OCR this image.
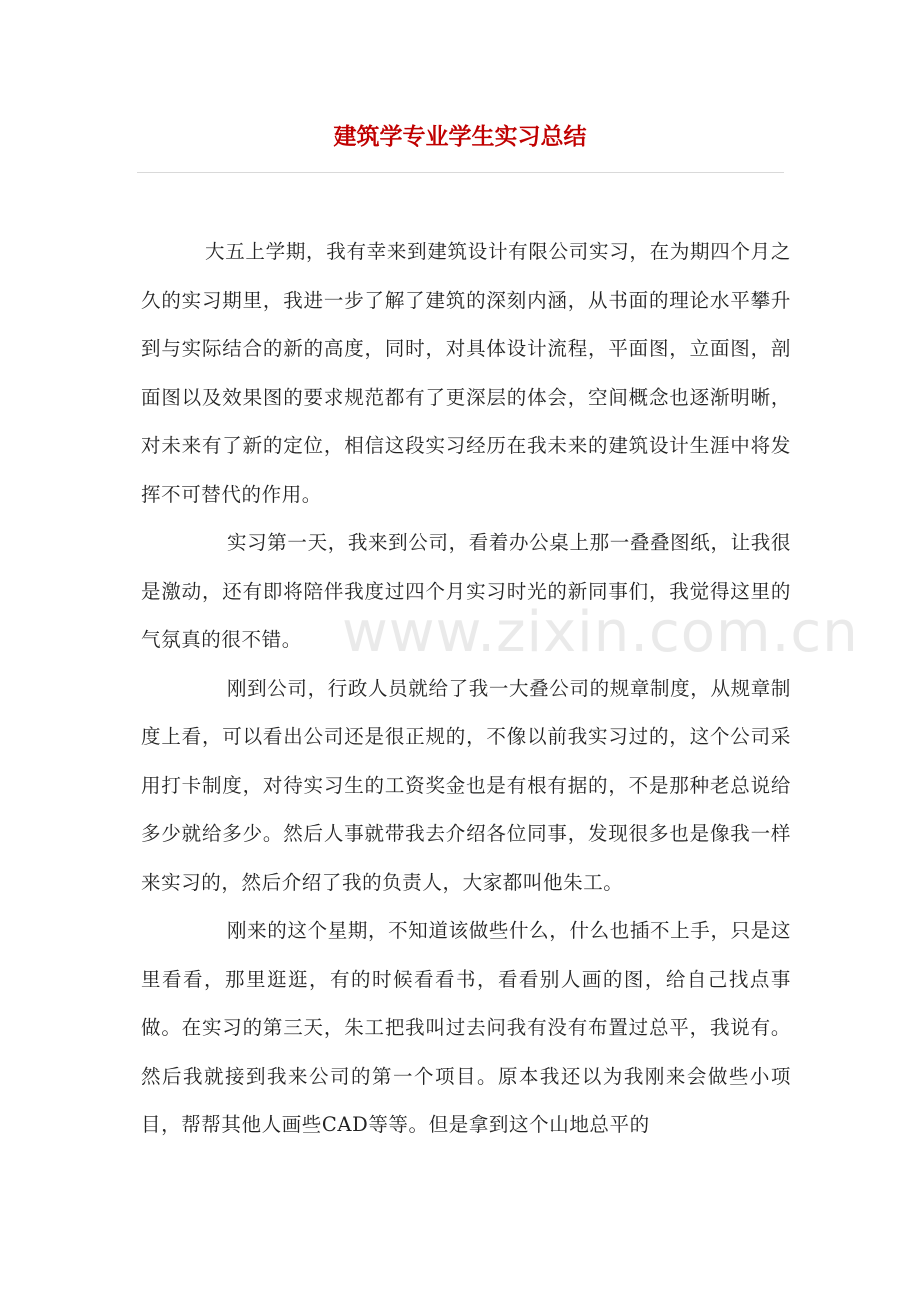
建筑学专业学生实习总结

大五上学期，我有幸来到建筑设计有限公司实习，在为期四个月之久的实习期里，我进一步了解了建筑的深刻内涵，从书面的理论水平攀升到与实际结合的新的高度，同时，对具体设计流程，平面图，立面图，剖面图以及效果图的要求规范都有了更深层的体会，空间概念也逐渐明晰，对未来有了新的定位，相信这段实习经历在我未来的建筑设计生涯中将发挥不可替代的作用。

实习第一天，我来到公司，看着办公桌上那一叠叠图纸，让我很是激动，还有即将陪伴我度过四个月实习时光的新同事们，我觉得这里的气氛真的很不错。

刚到公司，行政人员就给了我一大叠公司的规章制度，从规章制度上看，可以看出公司还是很正规的，不像以前我实习过的，这个公司采用打卡制度，对待实习生的工资奖金也是有根有据的，不是那种老总说给多少就给多少。然后人事就带我去介绍各位同事，发现很多也是像我一样来实习的，然后介绍了我的负责人，大家都叫他朱工。

刚来的这个星期，不知道该做些什么，什么也插不上手，只是这里看看，那里逛逛，有的时候看看书，看看别人画的图，给自己找点事做。在实习的第三天，朱工把我叫过去问我有没有布置过总平，我说有。然后我就接到我来公司的第一个项目。原本我还以为我刚来会做些小项目，帮帮其他人画些CAD等等。但是拿到这个山地总平的

www.zixin.com.cn
